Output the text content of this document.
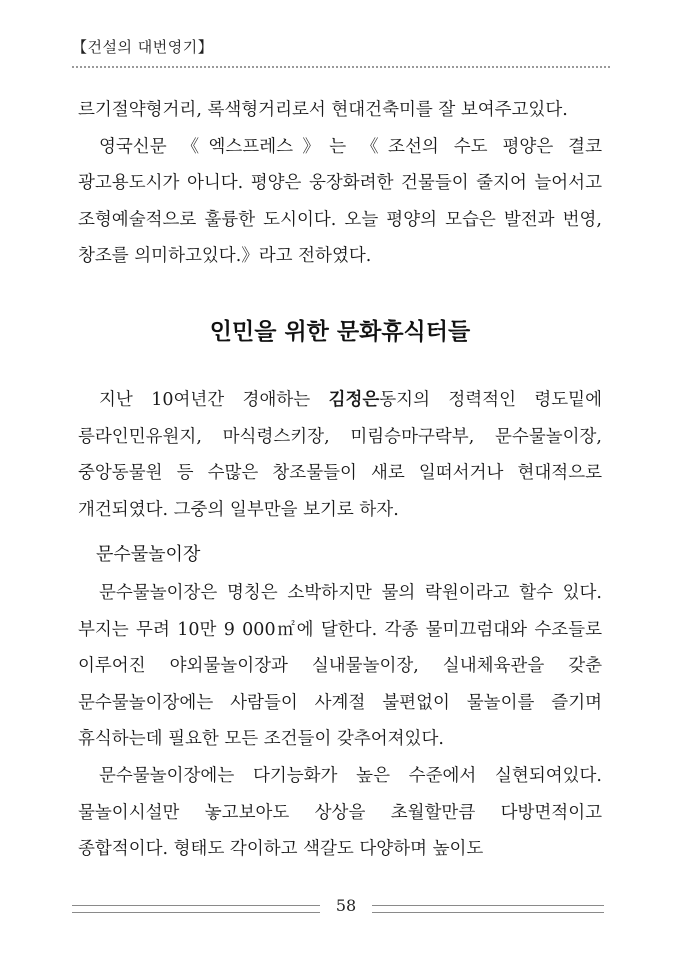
【건설의 대번영기】

르기절약형거리, 록색형거리로서 현대건축미를 잘 보여주고있다.

영국신문 《엑스프레스》는 《조선의 수도 평양은 결코 광고용도시가 아니다. 평양은 웅장화려한 건물들이 줄지어 늘어서고 조형예술적으로 훌륭한 도시이다. 오늘 평양의 모습은 발전과 번영, 창조를 의미하고있다.》라고 전하였다.

인민을 위한 문화휴식터들

지난 10여년간 경애하는 김정은동지의 정력적인 령도밑에 릉라인민유원지, 마식령스키장, 미림승마구락부, 문수물놀이장, 중앙동물원 등 수많은 창조물들이 새로 일떠서거나 현대적으로 개건되였다. 그중의 일부만을 보기로 하자.

문수물놀이장

문수물놀이장은 명칭은 소박하지만 물의 락원이라고 할수 있다. 부지는 무려 10만 9 000㎡에 달한다. 각종 물미끄럼대와 수조들로 이루어진 야외물놀이장과 실내물놀이장, 실내체육관을 갖춘 문수물놀이장에는 사람들이 사계절 불편없이 물놀이를 즐기며 휴식하는데 필요한 모든 조건들이 갖추어져있다.

문수물놀이장에는 다기능화가 높은 수준에서 실현되여있다. 물놀이시설만 놓고보아도 상상을 초월할만큼 다방면적이고 종합적이다. 형태도 각이하고 색갈도 다양하며 높이도

58
